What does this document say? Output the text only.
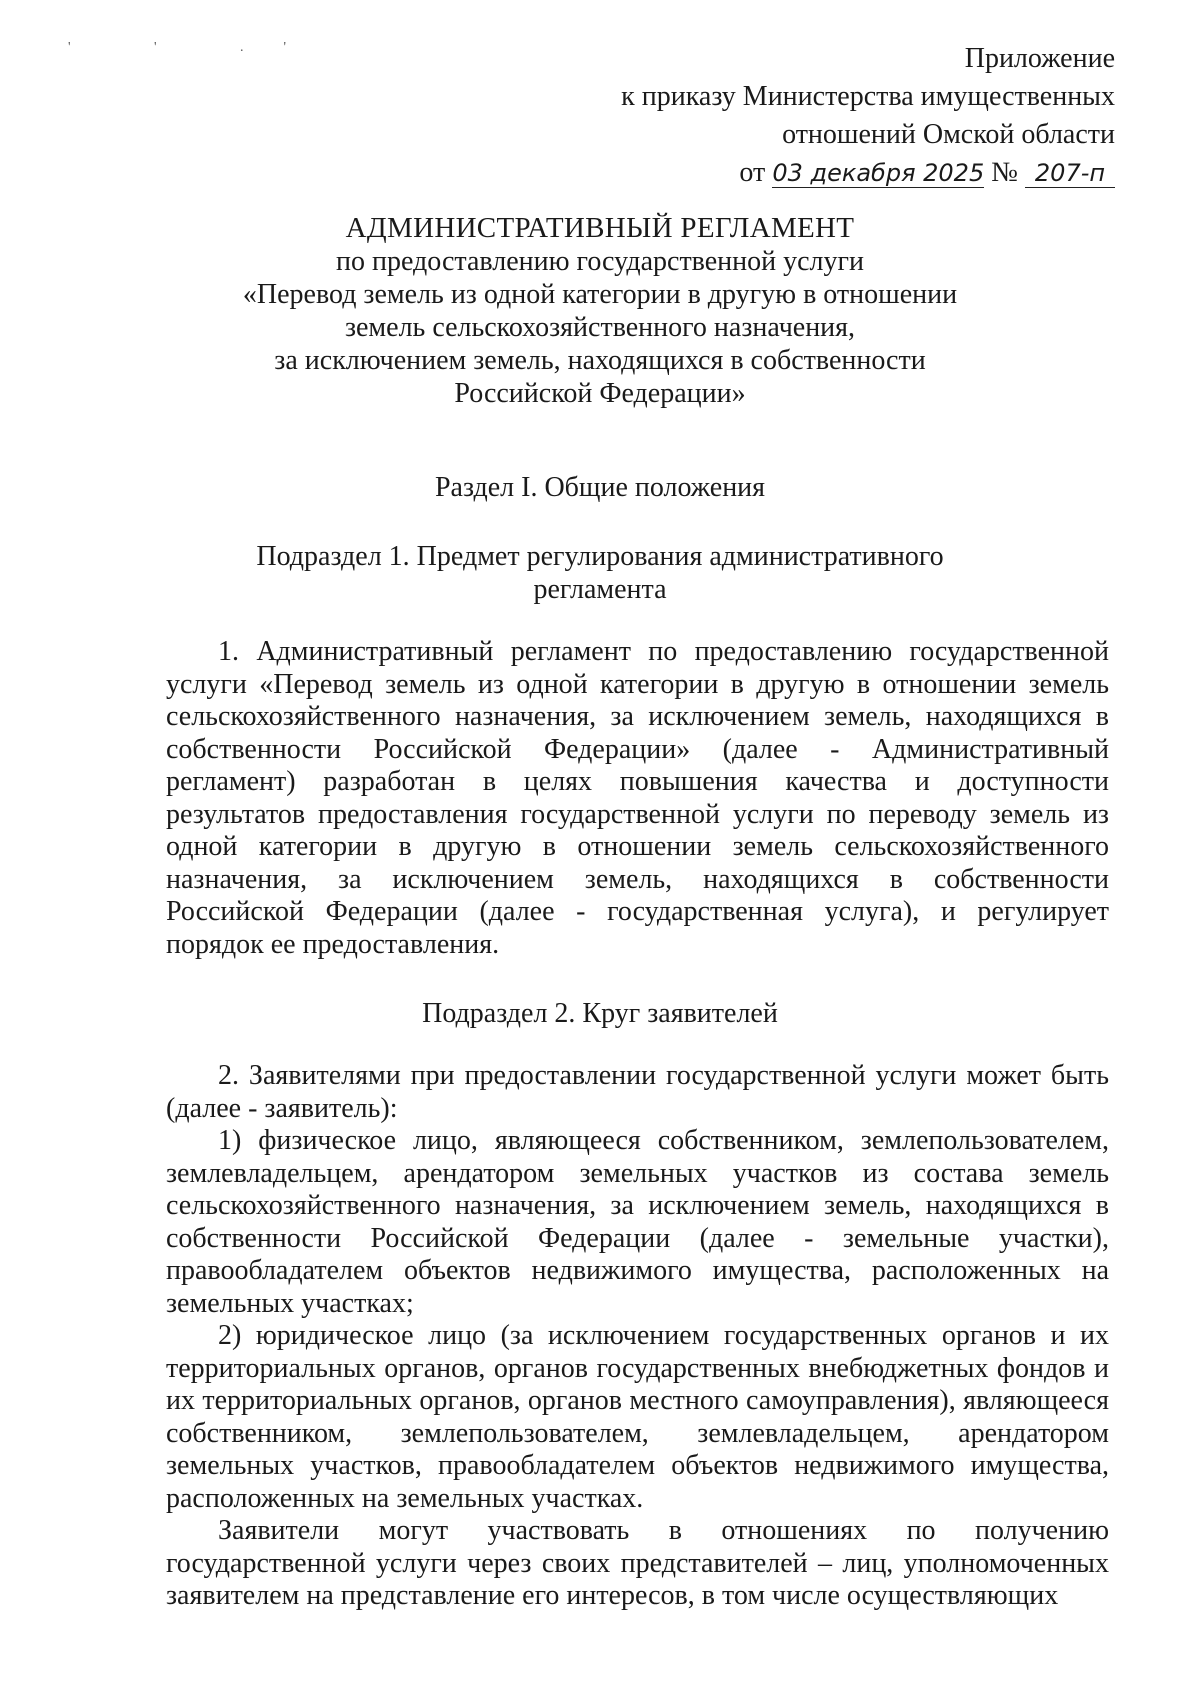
' ' .'	Приложение
к приказу Министерства имущественных
отношений Омской области
от 03 декабря 2025 № 207-п
АДМИНИСТРАТИВНЫЙ РЕГЛАМЕНТ
по предоставлению государственной услуги
«Перевод земель из одной категории в другую в отношении
земель сельскохозяйственного назначения,
за исключением земель, находящихся в собственности
Российской Федерации»
Раздел I. Общие положения
Подраздел 1. Предмет регулирования административного
регламента

1. Административный регламент по предоставлению государственной услуги «Перевод земель из одной категории в другую в отношении земель сельскохозяйственного назначения, за исключением земель, находящихся в собственности Российской Федерации» (далее - Административный регламент) разработан в целях повышения качества и доступности результатов предоставления государственной услуги по переводу земель из одной категории в другую в отношении земель сельскохозяйственного назначения, за исключением земель, находящихся в собственности Российской Федерации (далее - государственная услуга), и регулирует порядок ее предоставления.

Подраздел 2. Круг заявителей

2. Заявителями при предоставлении государственной услуги может быть (далее - заявитель):

1) физическое лицо, являющееся собственником, землепользователем, землевладельцем, арендатором земельных участков из состава земель сельскохозяйственного назначения, за исключением земель, находящихся в собственности Российской Федерации (далее - земельные участки), правообладателем объектов недвижимого имущества, расположенных на земельных участках;

2) юридическое лицо (за исключением государственных органов и их территориальных органов, органов государственных внебюджетных фондов и их территориальных органов, органов местного самоуправления), являющееся собственником, землепользователем, землевладельцем, арендатором земельных участков, правообладателем объектов недвижимого имущества, расположенных на земельных участках.

Заявители могут участвовать в отношениях по получению государственной услуги через своих представителей – лиц, уполномоченных заявителем на представление его интересов, в том числе осуществляющих
